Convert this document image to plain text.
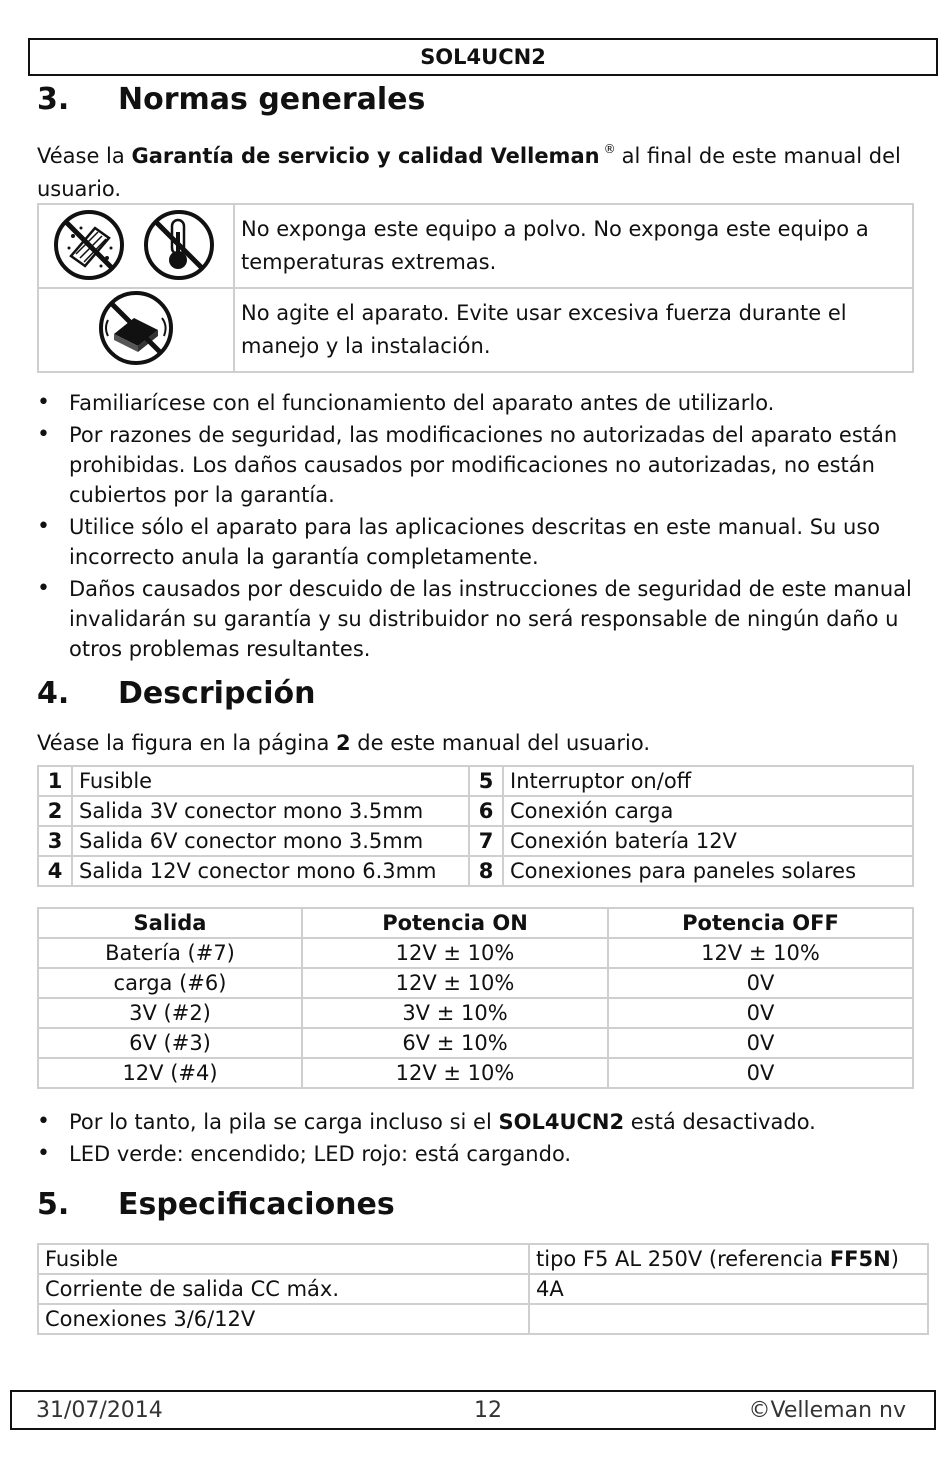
SOL4UCN2
3. Normas generales

Véase la Garantía de servicio y calidad Velleman ® al final de este manual del usuario.

	No exponga este equipo a polvo. No exponga este equipo a temperaturas extremas.
	No agite el aparato. Evite usar excesiva fuerza durante el manejo y la instalación.
• Familiarícese con el funcionamiento del aparato antes de utilizarlo.
• Por razones de seguridad, las modificaciones no autorizadas del aparato están prohibidas. Los daños causados por modificaciones no autorizadas, no están cubiertos por la garantía.
• Utilice sólo el aparato para las aplicaciones descritas en este manual. Su uso incorrecto anula la garantía completamente.
• Daños causados por descuido de las instrucciones de seguridad de este manual invalidarán su garantía y su distribuidor no será responsable de ningún daño u otros problemas resultantes.
4. Descripción

Véase la figura en la página 2 de este manual del usuario.

1	Fusible	5	Interruptor on/off
2	Salida 3V conector mono 3.5mm	6	Conexión carga
3	Salida 6V conector mono 3.5mm	7	Conexión batería 12V
4	Salida 12V conector mono 6.3mm	8	Conexiones para paneles solares
Salida	Potencia ON	Potencia OFF
Batería (#7)	12V ± 10%	12V ± 10%
carga (#6)	12V ± 10%	0V
3V (#2)	3V ± 10%	0V
6V (#3)	6V ± 10%	0V
12V (#4)	12V ± 10%	0V
• Por lo tanto, la pila se carga incluso si el SOL4UCN2 está desactivado.
• LED verde: encendido; LED rojo: está cargando.
5. Especificaciones
Fusible	tipo F5 AL 250V (referencia FF5N)
Corriente de salida CC máx.	4A
Conexiones 3/6/12V	
31/07/2014	12	©Velleman nv
